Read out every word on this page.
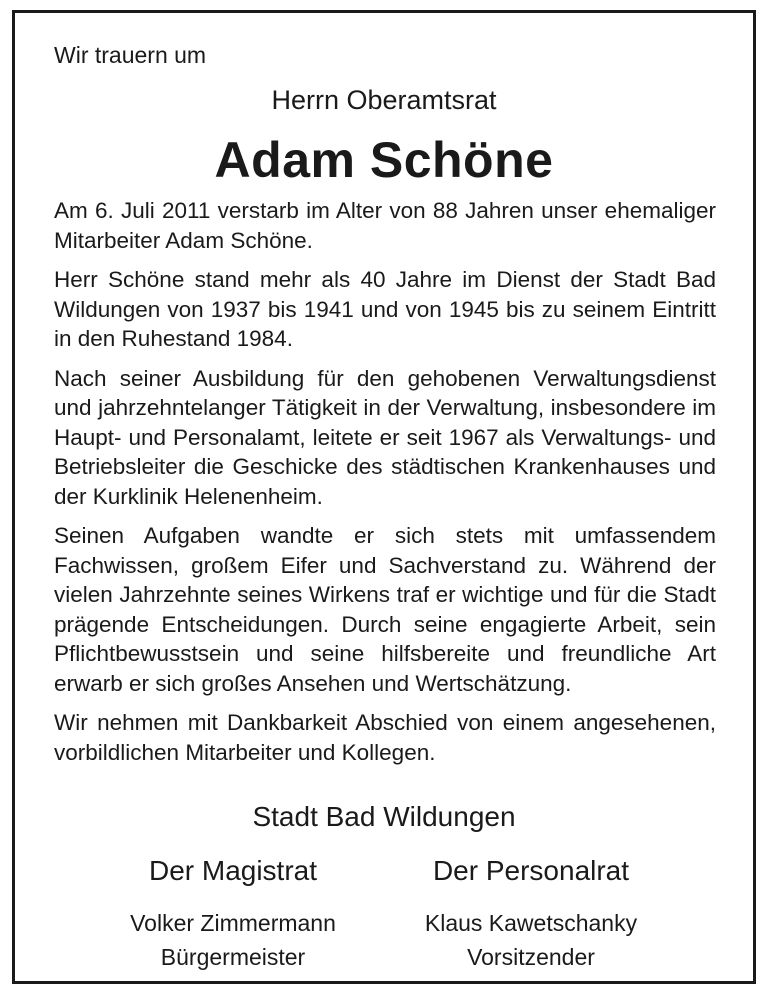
Wir trauern um
Herrn Oberamtsrat
Adam Schöne

Am 6. Juli 2011 verstarb im Alter von 88 Jahren unser ehemaliger Mitarbeiter Adam Schöne.

Herr Schöne stand mehr als 40 Jahre im Dienst der Stadt Bad Wildungen von 1937 bis 1941 und von 1945 bis zu seinem Eintritt in den Ruhestand 1984.

Nach seiner Ausbildung für den gehobenen Verwaltungsdienst und jahrzehntelanger Tätigkeit in der Verwaltung, insbesondere im Haupt- und Personalamt, leitete er seit 1967 als Verwaltungs- und Betriebsleiter die Geschicke des städtischen Krankenhauses und der Kurklinik Helenenheim.

Seinen Aufgaben wandte er sich stets mit umfassendem Fachwissen, großem Eifer und Sachverstand zu. Während der vielen Jahrzehnte seines Wirkens traf er wichtige und für die Stadt prägende Entscheidungen. Durch seine engagierte Arbeit, sein Pflichtbewusstsein und seine hilfsbereite und freundliche Art erwarb er sich großes Ansehen und Wertschätzung.

Wir nehmen mit Dankbarkeit Abschied von einem angesehenen, vorbildlichen Mitarbeiter und Kollegen.

Stadt Bad Wildungen
Der Magistrat
Volker Zimmermann
Bürgermeister
Der Personalrat
Klaus Kawetschanky
Vorsitzender
